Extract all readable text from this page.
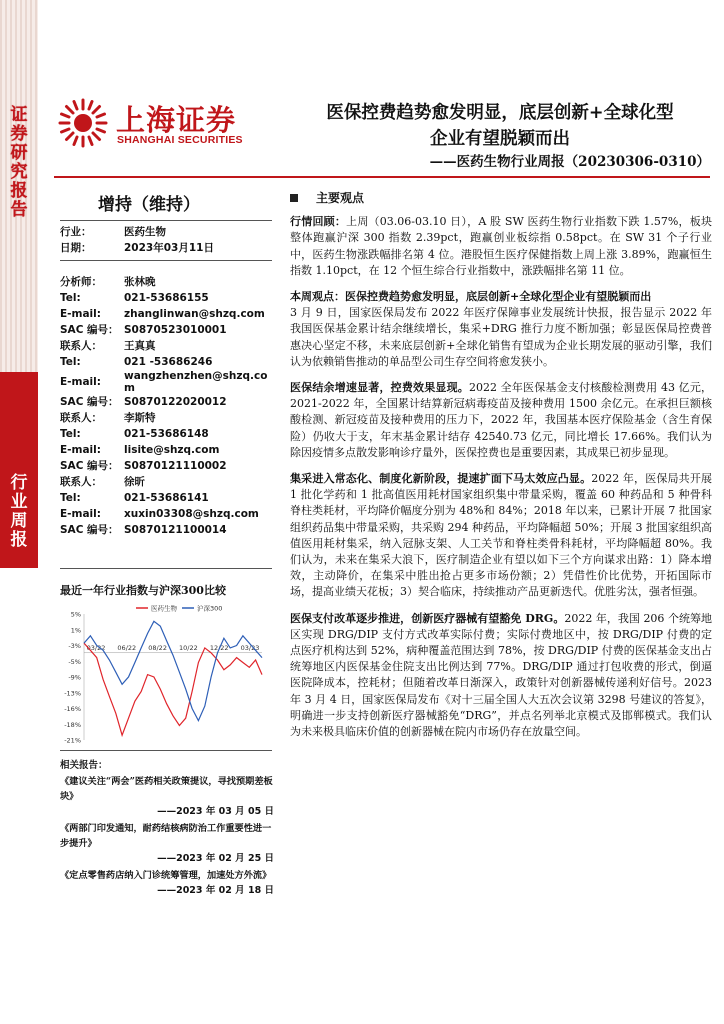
证券研究报告
行业周报
上海证券
SHANGHAI SECURITIES
医保控费趋势愈发明显，底层创新+全球化型
企业有望脱颖而出
——医药生物行业周报（20230306-0310）
增持（维持）
行业：	医药生物
日期：	2023年03月11日
分析师：	张林晚
Tel:	021-53686155
E-mail:	zhanglinwan@shzq.com
SAC 编号： S0870523010001
联系人：	王真真
Tel:	021 -53686246
E-mail:	wangzhenzhen@shzq.com
SAC 编号： S0870122020012
联系人：	李斯特
Tel:	021-53686148
E-mail:	lisite@shzq.com
SAC 编号： S0870121110002
联系人：	徐昕
Tel:	021-53686141
E-mail:	xuxin03308@shzq.com
SAC 编号： S0870121100014
最近一年行业指数与沪深300比较
5%
1%
-3%
-5%
-9%
-13%
-16%
-18%
-21%
03/22 06/22 08/22 10/22 12/22 03/23
医药生物	沪深300
相关报告：
《建议关注“两会”医药相关政策提议，寻找预期差板块》
——2023 年 03 月 05 日
《两部门印发通知，耐药结核病防治工作重要性进一步提升》
——2023 年 02 月 25 日
《定点零售药店纳入门诊统筹管理，加速处方外流》
——2023 年 02 月 18 日
主要观点

行情回顾：上周（03.06-03.10 日），A 股 SW 医药生物行业指数下跌 1.57%，板块整体跑赢沪深 300 指数 2.39pct，跑赢创业板综指 0.58pct。在 SW 31 个子行业中，医药生物涨跌幅排名第 4 位。港股恒生医疗保健指数上周上涨 3.89%，跑赢恒生指数 1.10pct，在 12 个恒生综合行业指数中，涨跌幅排名第 11 位。

本周观点：医保控费趋势愈发明显，底层创新+全球化型企业有望脱颖而出

3 月 9 日，国家医保局发布 2022 年医疗保障事业发展统计快报，报告显示 2022 年我国医保基金累计结余继续增长，集采+DRG 推行力度不断加强；彰显医保局控费普惠决心坚定不移，未来底层创新+全球化销售有望成为企业长期发展的驱动引擎，我们认为依赖销售推动的单品型公司生存空间将愈发狭小。

医保结余增速显著，控费效果显现。2022 全年医保基金支付核酸检测费用 43 亿元，2021-2022 年，全国累计结算新冠病毒疫苗及接种费用 1500 余亿元。在承担巨额核酸检测、新冠疫苗及接种费用的压力下，2022 年，我国基本医疗保险基金（含生育保险）仍收大于支，年末基金累计结存 42540.73 亿元，同比增长 17.66%。我们认为除因疫情多点散发影响诊疗量外，医保控费也是重要因素，其成果已初步显现。

集采进入常态化、制度化新阶段，提速扩面下马太效应凸显。2022 年，医保局共开展 1 批化学药和 1 批高值医用耗材国家组织集中带量采购，覆盖 60 种药品和 5 种骨科脊柱类耗材，平均降价幅度分别为 48%和 84%；2018 年以来，已累计开展 7 批国家组织药品集中带量采购，共采购 294 种药品，平均降幅超 50%；开展 3 批国家组织高值医用耗材集采，纳入冠脉支架、人工关节和脊柱类骨科耗材，平均降幅超 80%。我们认为，未来在集采大浪下，医疗制造企业有望以如下三个方向谋求出路：1）降本增效，主动降价，在集采中胜出抢占更多市场份额；2）凭借性价比优势，开拓国际市场，提高业绩天花板；3）契合临床，持续推动产品更新迭代。优胜劣汰，强者恒强。

医保支付改革逐步推进，创新医疗器械有望豁免 DRG。2022 年，我国 206 个统筹地区实现 DRG/DIP 支付方式改革实际付费；实际付费地区中，按 DRG/DIP 付费的定点医疗机构达到 52%，病种覆盖范围达到 78%，按 DRG/DIP 付费的医保基金支出占统筹地区内医保基金住院支出比例达到 77%。DRG/DIP 通过打包收费的形式，倒逼医院降成本，控耗材；但随着改革日渐深入，政策针对创新器械传递利好信号。2023 年 3 月 4 日，国家医保局发布《对十三届全国人大五次会议第 3298 号建议的答复》，明确进一步支持创新医疗器械豁免“DRG”，并点名列举北京模式及邯郸模式。我们认为未来极具临床价值的创新器械在院内市场仍存在放量空间。
